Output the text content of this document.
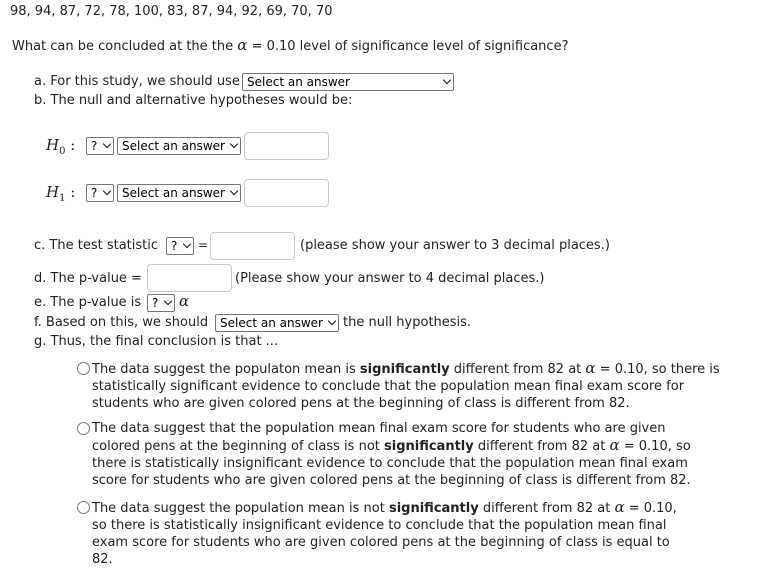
98, 94, 87, 72, 78, 100, 83, 87, 94, 92, 69, 70, 70
What can be concluded at the the α = 0.10 level of significance level of significance?
a. For this study, we should use Select an answer
b. The null and alternative hypotheses would be:
$H_0$ :	?	Select an answer
$H_1$ :	?	Select an answer
c. The test statistic	?	=	(please show your answer to 3 decimal places.)
d. The p-value =	(Please show your answer to 4 decimal places.)
e. The p-value is ?	α
f. Based on this, we should Select an answer	the null hypothesis.
g. Thus, the final conclusion is that ...
The data suggest the populaton mean is significantly different from 82 at α = 0.10, so there is statistically significant evidence to conclude that the population mean final exam score for students who are given colored pens at the beginning of class is different from 82.
The data suggest that the population mean final exam score for students who are given colored pens at the beginning of class is not significantly different from 82 at α = 0.10, so there is statistically insignificant evidence to conclude that the population mean final exam score for students who are given colored pens at the beginning of class is different from 82.
The data suggest the population mean is not significantly different from 82 at α = 0.10, so there is statistically insignificant evidence to conclude that the population mean final exam score for students who are given colored pens at the beginning of class is equal to 82.
